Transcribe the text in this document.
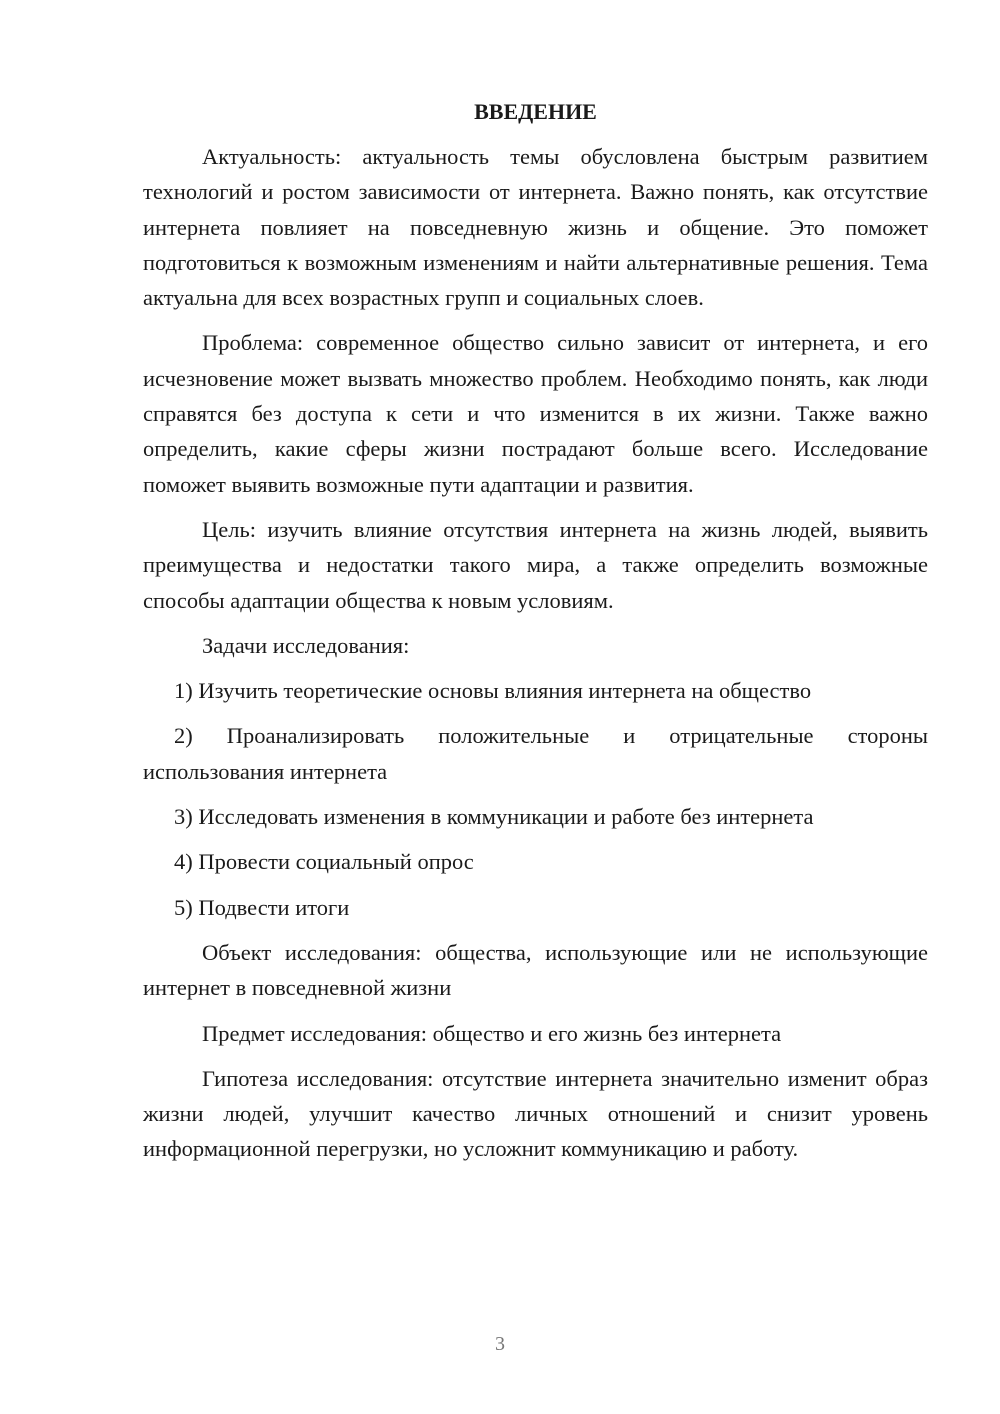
ВВЕДЕНИЕ

Актуальность: актуальность темы обусловлена быстрым развитием технологий и ростом зависимости от интернета. Важно понять, как отсутствие интернета повлияет на повседневную жизнь и общение. Это поможет подготовиться к возможным изменениям и найти альтернативные решения. Тема актуальна для всех возрастных групп и социальных слоев.

Проблема: современное общество сильно зависит от интернета, и его исчезновение может вызвать множество проблем. Необходимо понять, как люди справятся без доступа к сети и что изменится в их жизни. Также важно определить, какие сферы жизни пострадают больше всего. Исследование поможет выявить возможные пути адаптации и развития.

Цель: изучить влияние отсутствия интернета на жизнь людей, выявить преимущества и недостатки такого мира, а также определить возможные способы адаптации общества к новым условиям.

Задачи исследования:

1) Изучить теоретические основы влияния интернета на общество

2) Проанализировать положительные и отрицательные стороны использования интернета

3) Исследовать изменения в коммуникации и работе без интернета

4) Провести социальный опрос

5) Подвести итоги

Объект исследования: общества, использующие или не использующие интернет в повседневной жизни

Предмет исследования: общество и его жизнь без интернета

Гипотеза исследования: отсутствие интернета значительно изменит образ жизни людей, улучшит качество личных отношений и снизит уровень информационной перегрузки, но усложнит коммуникацию и работу.

3
